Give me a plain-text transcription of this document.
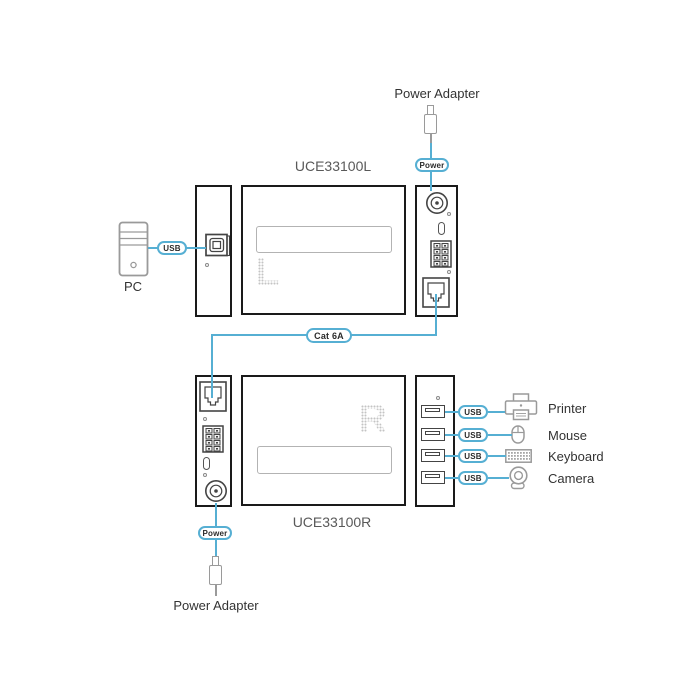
UCE33100L
L
UCE33100R
R
PC
Power Adapter
Power Adapter
Printer
Mouse
Keyboard
Camera
Power
USB
Cat 6A
USB
USB
USB
USB
Power
